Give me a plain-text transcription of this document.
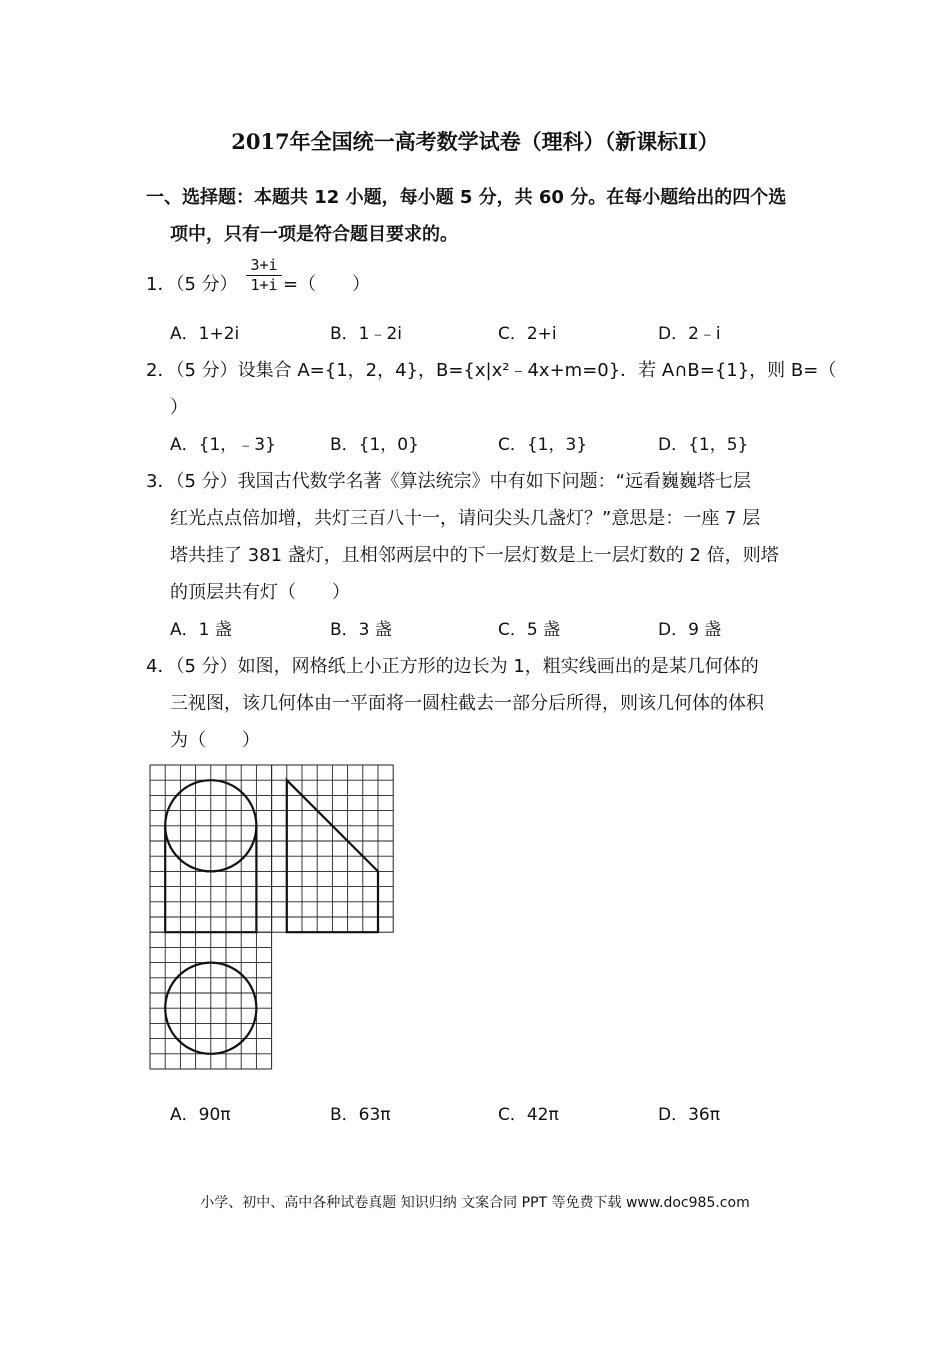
2017年全国统一高考数学试卷（理科）（新课标II）
一、选择题：本题共 12 小题，每小题 5 分，共 60 分。在每小题给出的四个选
项中，只有一项是符合题目要求的。
1．（5 分） $\frac{3+i}{1+i}$ =（　　）
A．1+2i	B．1﹣2i	C．2+i	D．2﹣i
2．（5 分）设集合 A={1，2，4}，B={x|x²﹣4x+m=0}．若 A∩B={1}，则 B=（
）
A．{1，﹣3}	B．{1，0}	C．{1，3}	D．{1，5}
3．（5 分）我国古代数学名著《算法统宗》中有如下问题：“远看巍巍塔七层
红光点点倍加增，共灯三百八十一，请问尖头几盏灯？”意思是：一座 7 层
塔共挂了 381 盏灯，且相邻两层中的下一层灯数是上一层灯数的 2 倍，则塔
的顶层共有灯（　　）
A．1 盏	B．3 盏	C．5 盏	D．9 盏
4．（5 分）如图，网格纸上小正方形的边长为 1，粗实线画出的是某几何体的
三视图，该几何体由一平面将一圆柱截去一部分后所得，则该几何体的体积
为（　　）
A．90π	B．63π	C．42π	D．36π
小学、初中、高中各种试卷真题 知识归纳 文案合同 PPT 等免费下载 www.doc985.com
